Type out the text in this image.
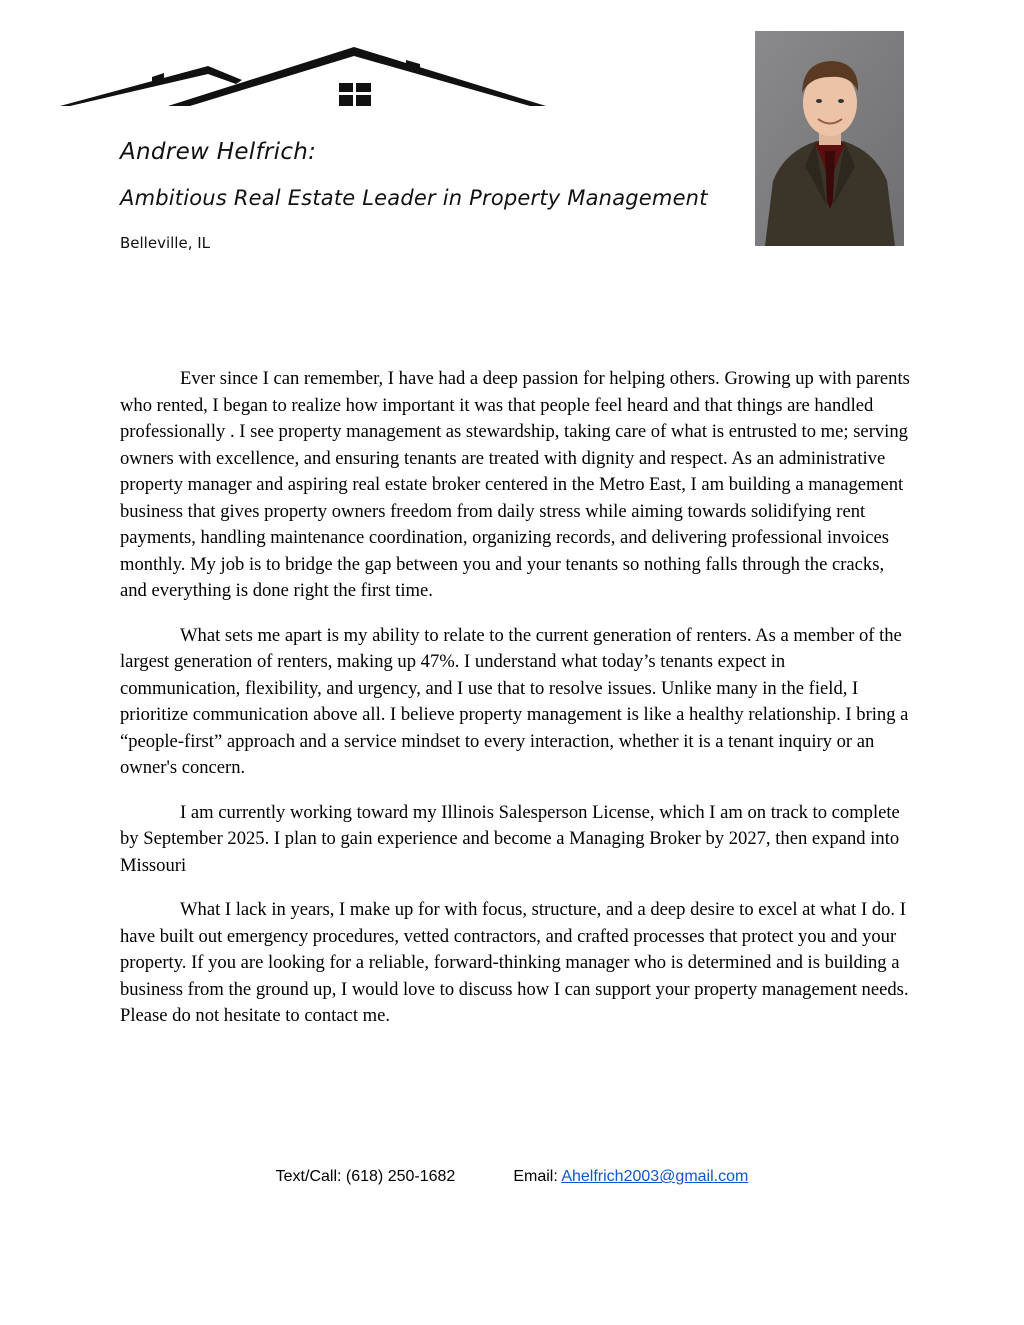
Andrew Helfrich:
Ambitious Real Estate Leader in Property Management
Belleville, IL

Ever since I can remember, I have had a deep passion for helping others. Growing up with parents who rented, I began to realize how important it was that people feel heard and that things are handled professionally . I see property management as stewardship, taking care of what is entrusted to me; serving owners with excellence, and ensuring tenants are treated with dignity and respect. As an administrative property manager and aspiring real estate broker centered in the Metro East, I am building a management business that gives property owners freedom from daily stress while aiming towards solidifying rent payments, handling maintenance coordination, organizing records, and delivering professional invoices monthly. My job is to bridge the gap between you and your tenants so nothing falls through the cracks, and everything is done right the first time.

What sets me apart is my ability to relate to the current generation of renters. As a member of the largest generation of renters, making up 47%. I understand what today’s tenants expect in communication, flexibility, and urgency, and I use that to resolve issues. Unlike many in the field, I prioritize communication above all. I believe property management is like a healthy relationship. I bring a “people-first” approach and a service mindset to every interaction, whether it is a tenant inquiry or an owner's concern.

I am currently working toward my Illinois Salesperson License, which I am on track to complete by September 2025. I plan to gain experience and become a Managing Broker by 2027, then expand into Missouri

What I lack in years, I make up for with focus, structure, and a deep desire to excel at what I do. I have built out emergency procedures, vetted contractors, and crafted processes that protect you and your property. If you are looking for a reliable, forward-thinking manager who is determined and is building a business from the ground up, I would love to discuss how I can support your property management needs. Please do not hesitate to contact me.

Text/Call: (618) 250-1682	Email: Ahelfrich2003@gmail.com
